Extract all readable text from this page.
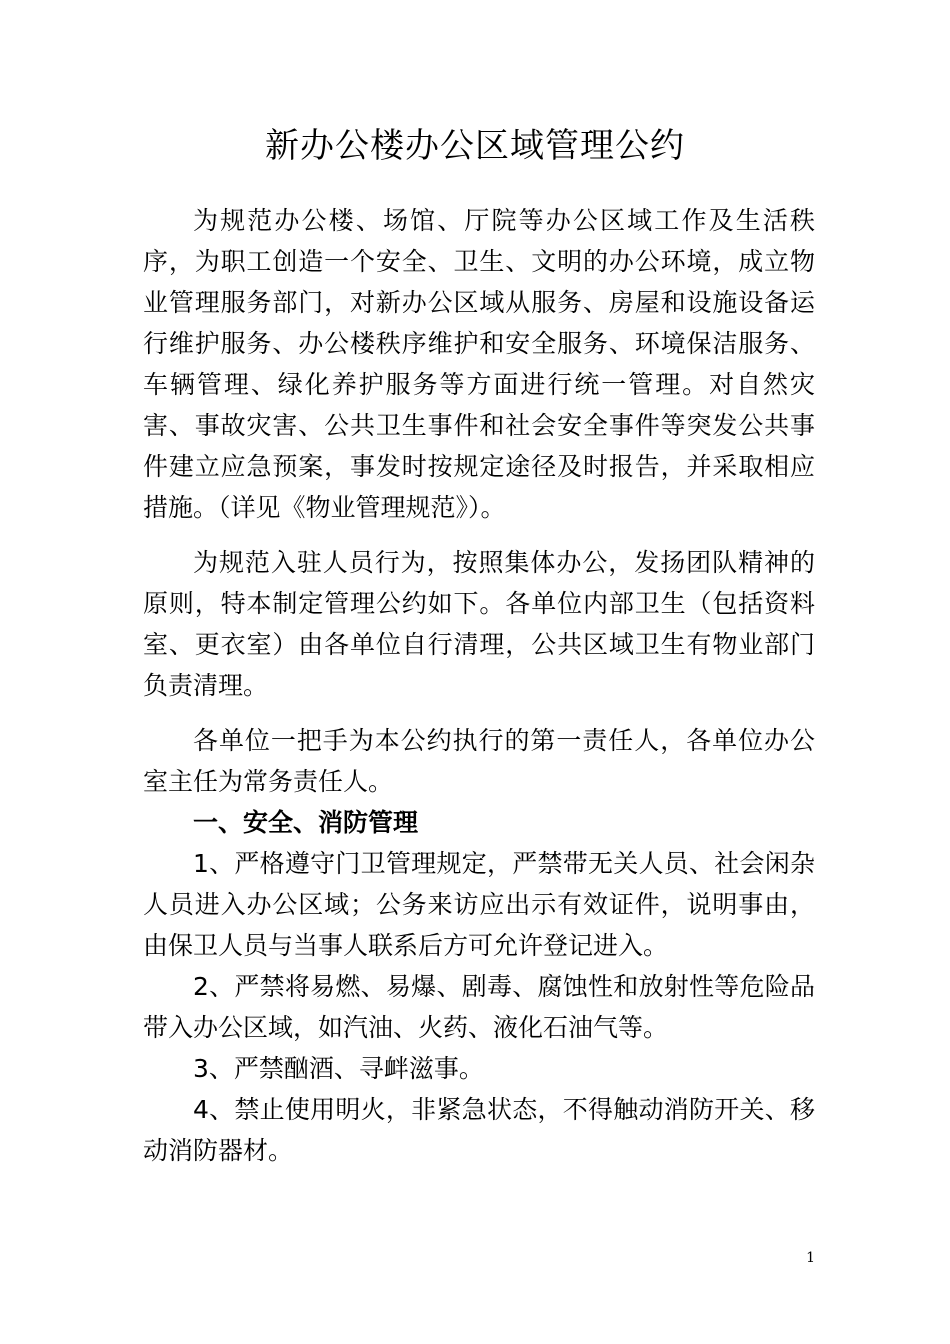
新办公楼办公区域管理公约

为规范办公楼、场馆、厅院等办公区域工作及生活秩序，为职工创造一个安全、卫生、文明的办公环境，成立物业管理服务部门，对新办公区域从服务、房屋和设施设备运行维护服务、办公楼秩序维护和安全服务、环境保洁服务、车辆管理、绿化养护服务等方面进行统一管理。对自然灾害、事故灾害、公共卫生事件和社会安全事件等突发公共事件建立应急预案，事发时按规定途径及时报告，并采取相应措施。（详见《物业管理规范》）。

为规范入驻人员行为，按照集体办公，发扬团队精神的原则，特本制定管理公约如下。各单位内部卫生（包括资料室、更衣室）由各单位自行清理，公共区域卫生有物业部门负责清理。

各单位一把手为本公约执行的第一责任人，各单位办公室主任为常务责任人。

一、安全、消防管理

1、严格遵守门卫管理规定，严禁带无关人员、社会闲杂人员进入办公区域；公务来访应出示有效证件，说明事由，由保卫人员与当事人联系后方可允许登记进入。

2、严禁将易燃、易爆、剧毒、腐蚀性和放射性等危险品带入办公区域，如汽油、火药、液化石油气等。

3、严禁酗酒、寻衅滋事。

4、禁止使用明火，非紧急状态，不得触动消防开关、移动消防器材。

1
